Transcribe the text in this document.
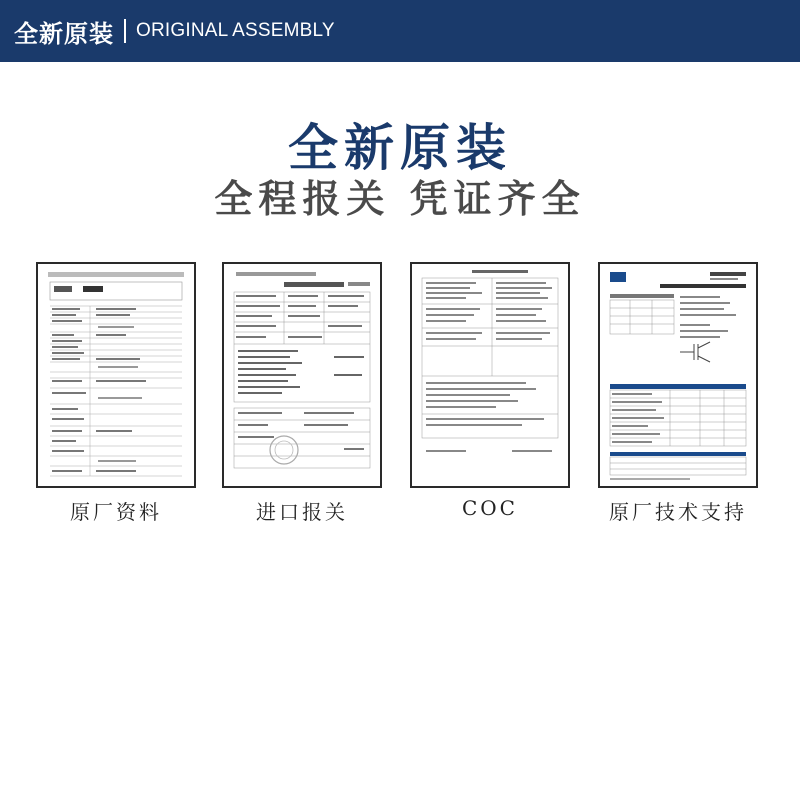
全新原装 ORIGINAL ASSEMBLY
全新原装
全程报关 凭证齐全
原厂资料	进口报关	COC	原厂技术支持
